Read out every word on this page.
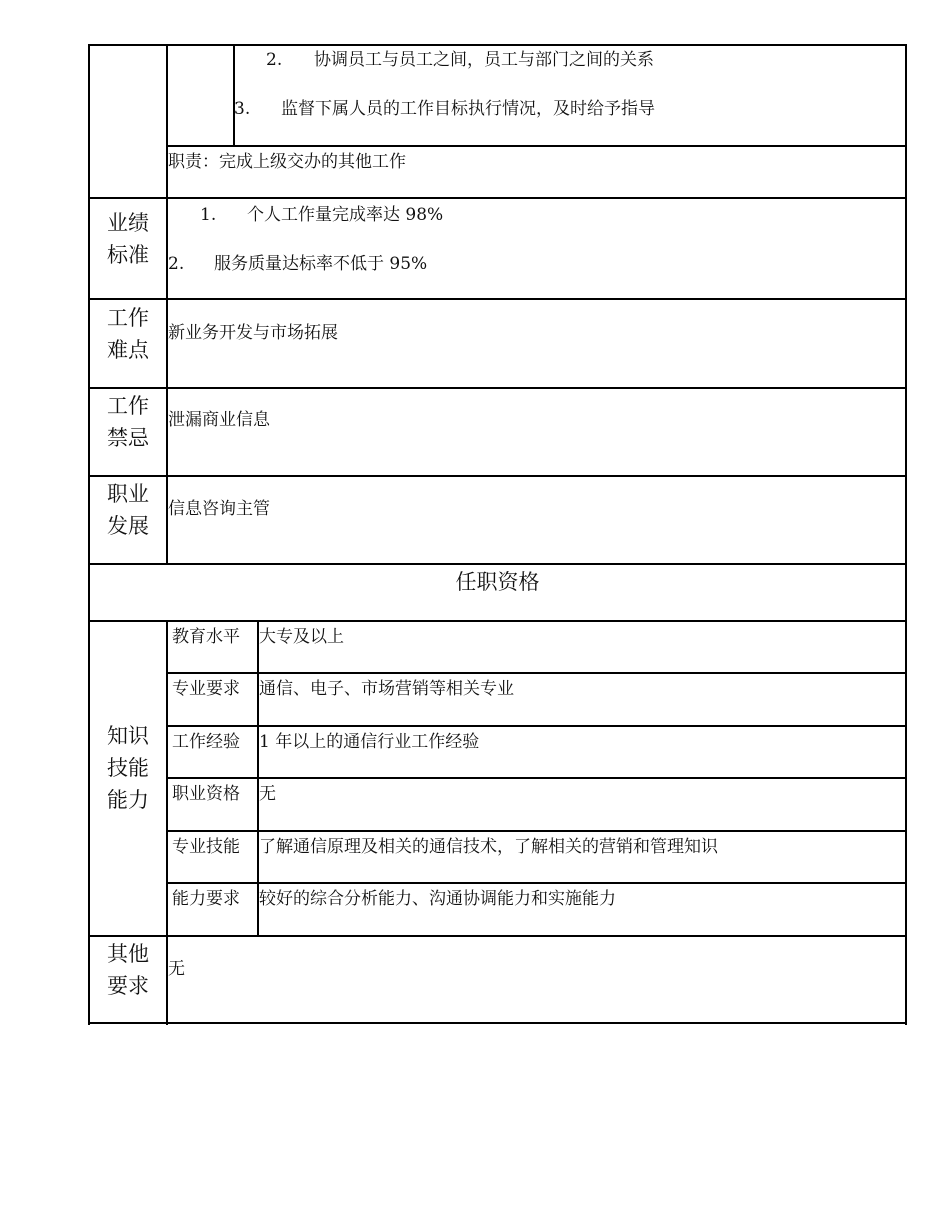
2. 协调员工与员工之间，员工与部门之间的关系
3. 监督下属人员的工作目标执行情况，及时给予指导
职责：完成上级交办的其他工作
业绩
标准
1. 个人工作量完成率达 98%
2. 服务质量达标率不低于 95%
工作
难点
新业务开发与市场拓展
工作
禁忌
泄漏商业信息
职业
发展
信息咨询主管
任职资格
知识
技能
能力
教育水平 大专及以上
专业要求 通信、电子、市场营销等相关专业
工作经验 1 年以上的通信行业工作经验
职业资格 无
专业技能 了解通信原理及相关的通信技术，了解相关的营销和管理知识
能力要求 较好的综合分析能力、沟通协调能力和实施能力
其他
要求
无
